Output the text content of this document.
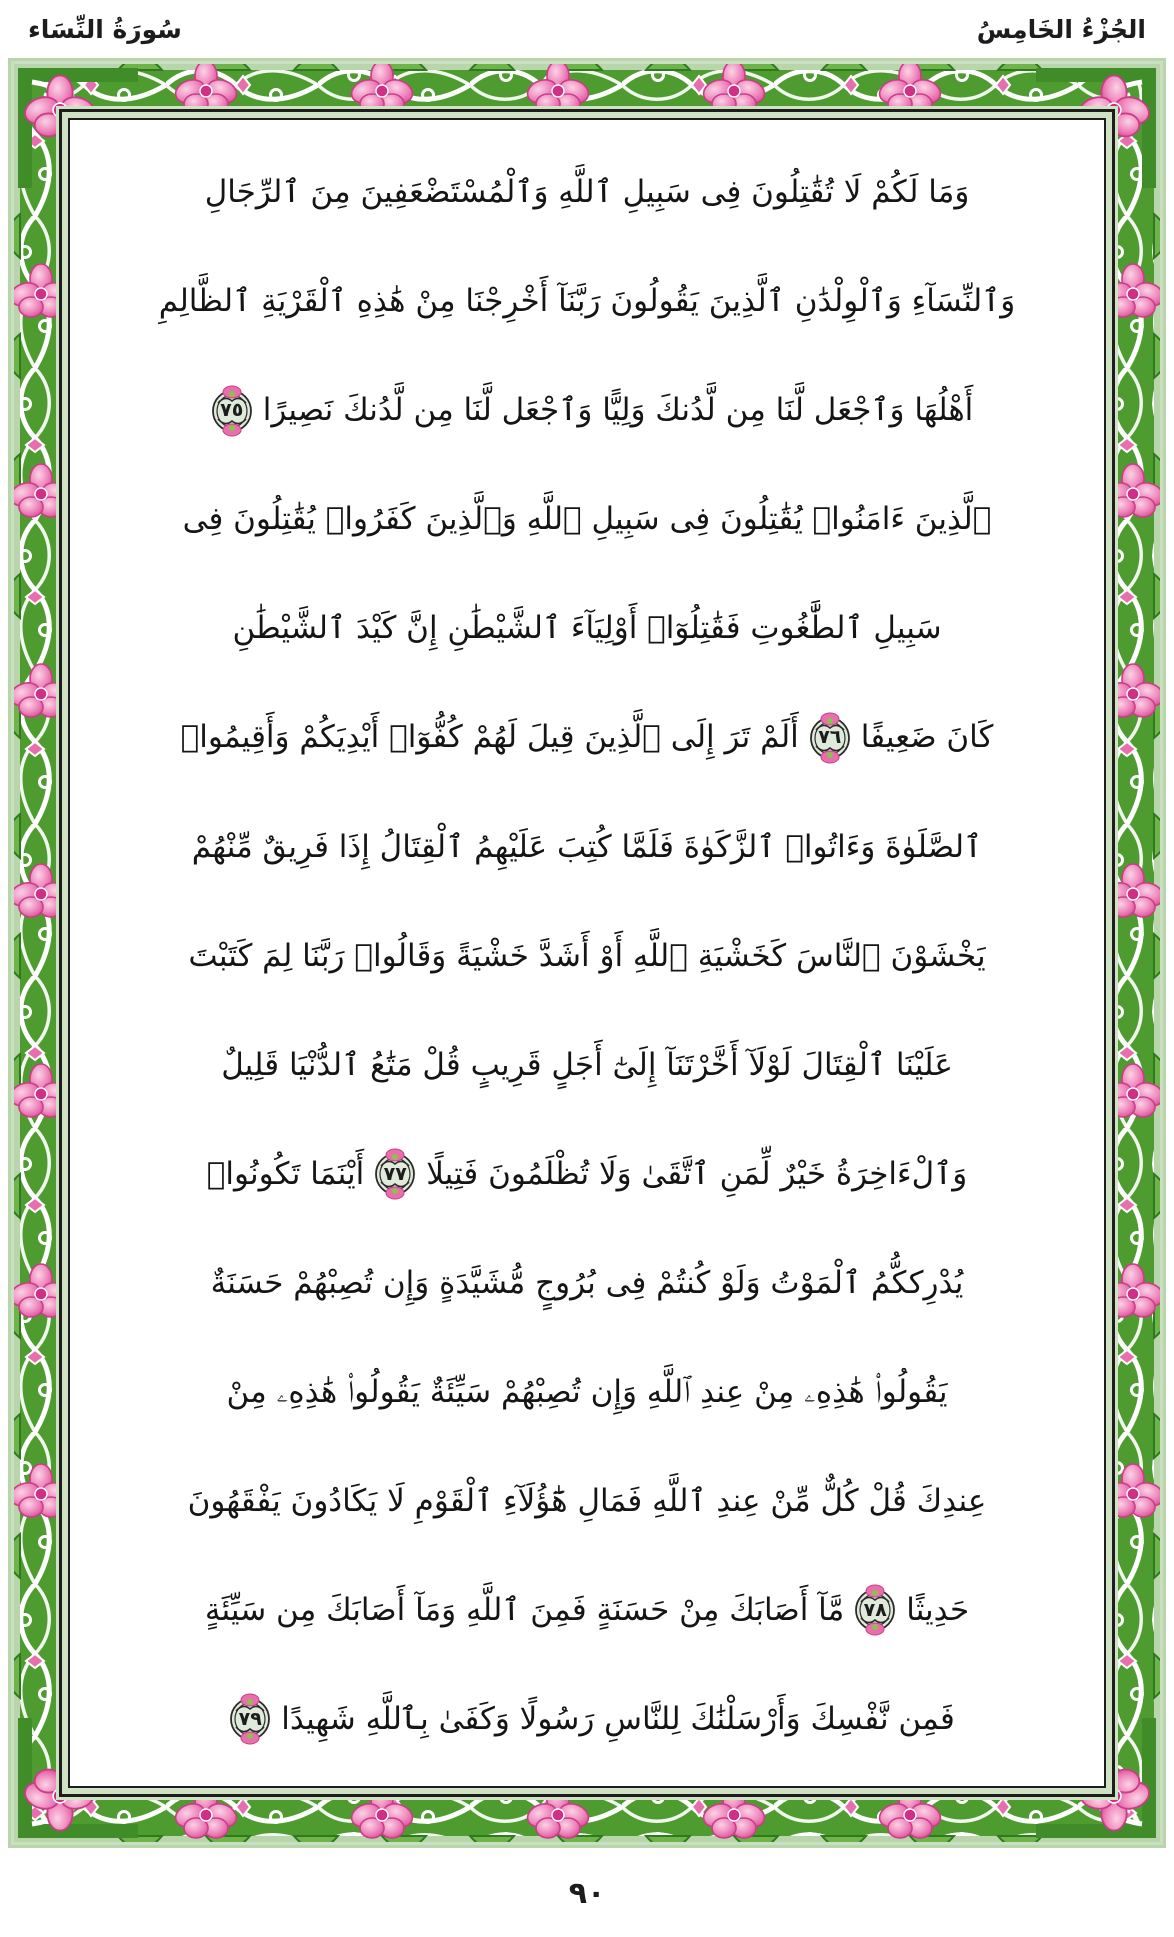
سُورَةُ النِّسَاء	الجُزْءُ الخَامِسُ
وَمَا لَكُمْ لَا تُقَٰتِلُونَ فِى سَبِيلِ ٱللَّهِ وَٱلْمُسْتَضْعَفِينَ مِنَ ٱلرِّجَالِ
وَٱلنِّسَآءِ وَٱلْوِلْدَٰنِ ٱلَّذِينَ يَقُولُونَ رَبَّنَآ أَخْرِجْنَا مِنْ هَٰذِهِ ٱلْقَرْيَةِ ٱلظَّالِمِ
أَهْلُهَا وَٱجْعَل لَّنَا مِن لَّدُنكَ وَلِيًّا وَٱجْعَل لَّنَا مِن لَّدُنكَ نَصِيرًا
٧٥
ٱلَّذِينَ ءَامَنُوا۟ يُقَٰتِلُونَ فِى سَبِيلِ ٱللَّهِ وَٱلَّذِينَ كَفَرُوا۟ يُقَٰتِلُونَ فِى
سَبِيلِ ٱلطَّٰغُوتِ فَقَٰتِلُوٓا۟ أَوْلِيَآءَ ٱلشَّيْطَٰنِ إِنَّ كَيْدَ ٱلشَّيْطَٰنِ
كَانَ ضَعِيفًا
٧٦
أَلَمْ تَرَ إِلَى ٱلَّذِينَ قِيلَ لَهُمْ كُفُّوٓا۟ أَيْدِيَكُمْ وَأَقِيمُوا۟
ٱلصَّلَوٰةَ وَءَاتُوا۟ ٱلزَّكَوٰةَ فَلَمَّا كُتِبَ عَلَيْهِمُ ٱلْقِتَالُ إِذَا فَرِيقٌ مِّنْهُمْ
يَخْشَوْنَ ٱلنَّاسَ كَخَشْيَةِ ٱللَّهِ أَوْ أَشَدَّ خَشْيَةً وَقَالُوا۟ رَبَّنَا لِمَ كَتَبْتَ
عَلَيْنَا ٱلْقِتَالَ لَوْلَآ أَخَّرْتَنَآ إِلَىٰٓ أَجَلٍ قَرِيبٍ قُلْ مَتَٰعُ ٱلدُّنْيَا قَلِيلٌ
وَٱلْءَاخِرَةُ خَيْرٌ لِّمَنِ ٱتَّقَىٰ وَلَا تُظْلَمُونَ فَتِيلًا
٧٧
أَيْنَمَا تَكُونُوا۟
يُدْرِككُّمُ ٱلْمَوْتُ وَلَوْ كُنتُمْ فِى بُرُوجٍ مُّشَيَّدَةٍ وَإِن تُصِبْهُمْ حَسَنَةٌ
يَقُولُوا۟ هَٰذِهِۦ مِنْ عِندِ ٱللَّهِ وَإِن تُصِبْهُمْ سَيِّئَةٌ يَقُولُوا۟ هَٰذِهِۦ مِنْ
عِندِكَ قُلْ كُلٌّ مِّنْ عِندِ ٱللَّهِ فَمَالِ هَٰٓؤُلَآءِ ٱلْقَوْمِ لَا يَكَادُونَ يَفْقَهُونَ
حَدِيثًا
٧٨
مَّآ أَصَابَكَ مِنْ حَسَنَةٍ فَمِنَ ٱللَّهِ وَمَآ أَصَابَكَ مِن سَيِّئَةٍ
فَمِن نَّفْسِكَ وَأَرْسَلْنَٰكَ لِلنَّاسِ رَسُولًا وَكَفَىٰ بِٱللَّهِ شَهِيدًا
٧٩
٩٠
